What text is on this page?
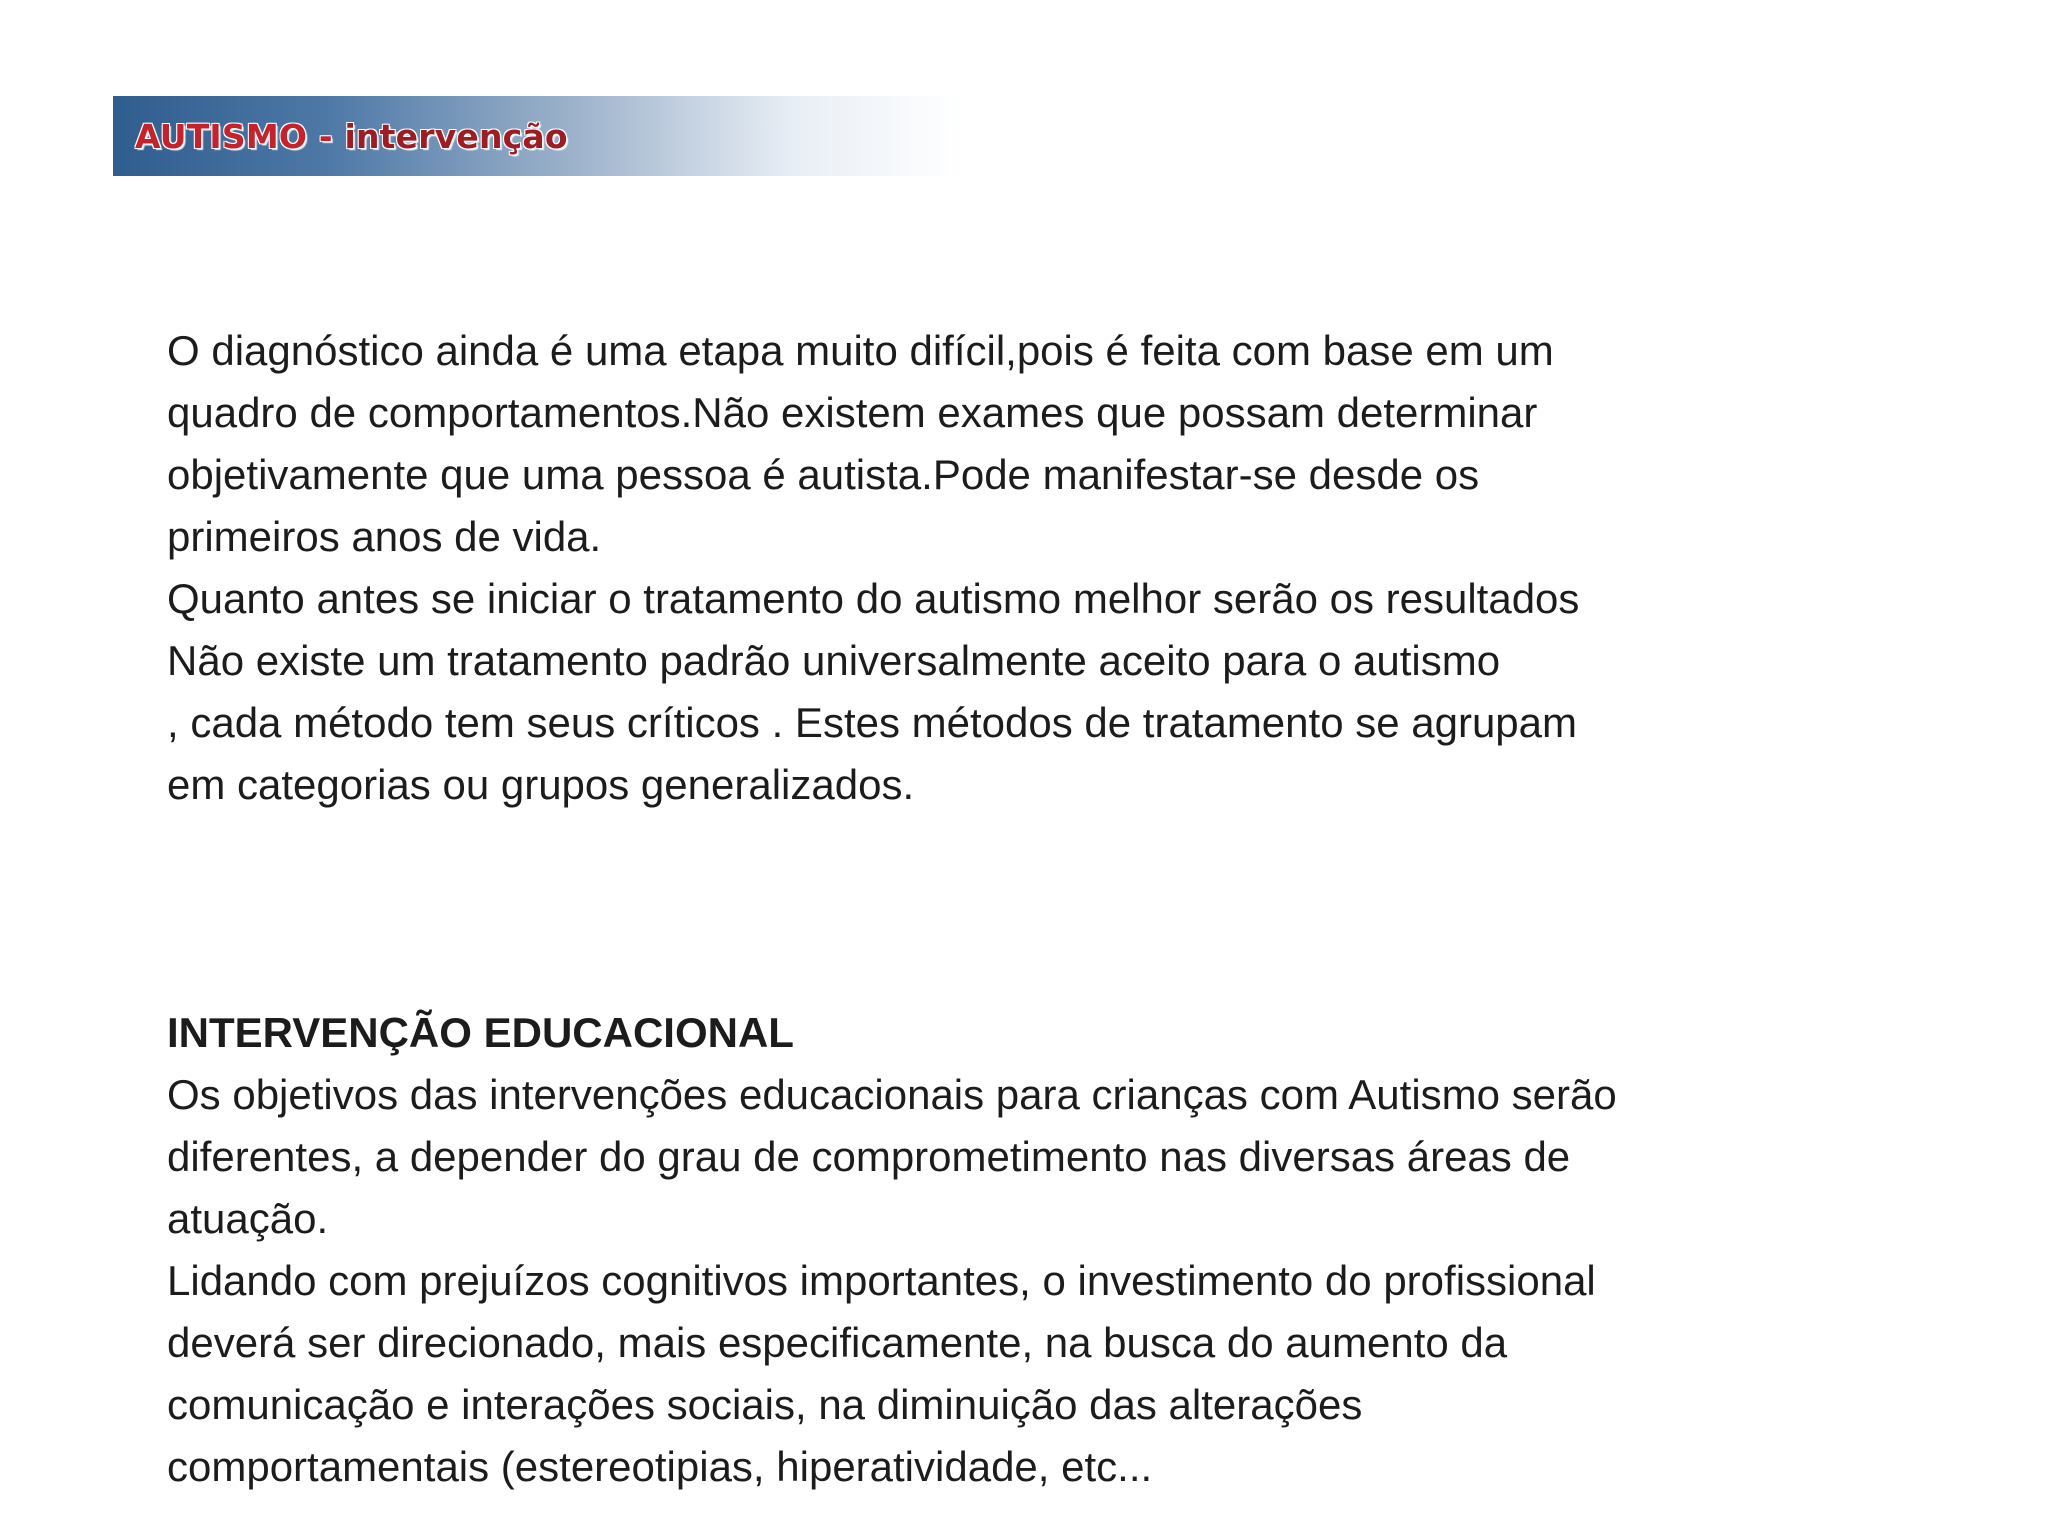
AUTISMO - intervenção
O diagnóstico ainda é uma etapa muito difícil,pois é feita com base em um
quadro de comportamentos.Não existem exames que possam determinar
objetivamente que uma pessoa é autista.Pode manifestar-se desde os
primeiros anos de vida.
Quanto antes se iniciar o tratamento do autismo melhor serão os resultados
Não existe um tratamento padrão universalmente aceito para o autismo
, cada método tem seus críticos . Estes métodos de tratamento se agrupam
em categorias ou grupos generalizados.
INTERVENÇÃO EDUCACIONAL
Os objetivos das intervenções educacionais para crianças com Autismo serão
diferentes, a depender do grau de comprometimento nas diversas áreas de
atuação.
Lidando com prejuízos cognitivos importantes, o investimento do profissional
deverá ser direcionado, mais especificamente, na busca do aumento da
comunicação e interações sociais, na diminuição das alterações
comportamentais (estereotipias, hiperatividade, etc...
